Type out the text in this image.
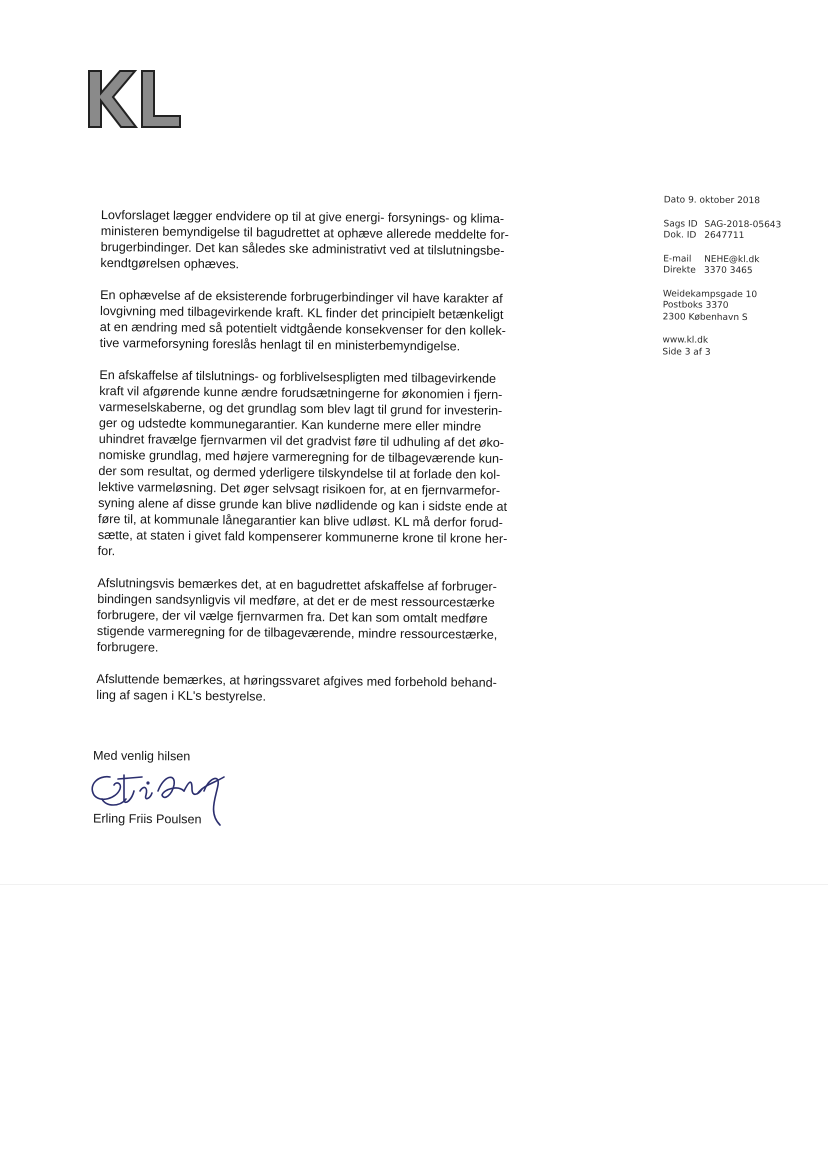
Dato 9. oktober 2018
Sags ID SAG-2018-05643
Dok. ID 2647711
E-mail NEHE@kl.dk
Direkte 3370 3465
Weidekampsgade 10
Postboks 3370
2300 København S
www.kl.dk
Side 3 af 3

Lovforslaget lægger endvidere op til at give energi- forsynings- og klima-
ministeren bemyndigelse til bagudrettet at ophæve allerede meddelte for-
brugerbindinger. Det kan således ske administrativt ved at tilslutningsbe-
kendtgørelsen ophæves.

En ophævelse af de eksisterende forbrugerbindinger vil have karakter af
lovgivning med tilbagevirkende kraft. KL finder det principielt betænkeligt
at en ændring med så potentielt vidtgående konsekvenser for den kollek-
tive varmeforsyning foreslås henlagt til en ministerbemyndigelse.

En afskaffelse af tilslutnings- og forblivelsespligten med tilbagevirkende
kraft vil afgørende kunne ændre forudsætningerne for økonomien i fjern-
varmeselskaberne, og det grundlag som blev lagt til grund for investerin-
ger og udstedte kommunegarantier. Kan kunderne mere eller mindre
uhindret fravælge fjernvarmen vil det gradvist føre til udhuling af det øko-
nomiske grundlag, med højere varmeregning for de tilbageværende kun-
der som resultat, og dermed yderligere tilskyndelse til at forlade den kol-
lektive varmeløsning. Det øger selvsagt risikoen for, at en fjernvarmefor-
syning alene af disse grunde kan blive nødlidende og kan i sidste ende at
føre til, at kommunale lånegarantier kan blive udløst. KL må derfor forud-
sætte, at staten i givet fald kompenserer kommunerne krone til krone her-
for.

Afslutningsvis bemærkes det, at en bagudrettet afskaffelse af forbruger-
bindingen sandsynligvis vil medføre, at det er de mest ressourcestærke
forbrugere, der vil vælge fjernvarmen fra. Det kan som omtalt medføre
stigende varmeregning for de tilbageværende, mindre ressourcestærke,
forbrugere.

Afsluttende bemærkes, at høringssvaret afgives med forbehold behand-
ling af sagen i KL's bestyrelse.

Med venlig hilsen
Erling Friis Poulsen
